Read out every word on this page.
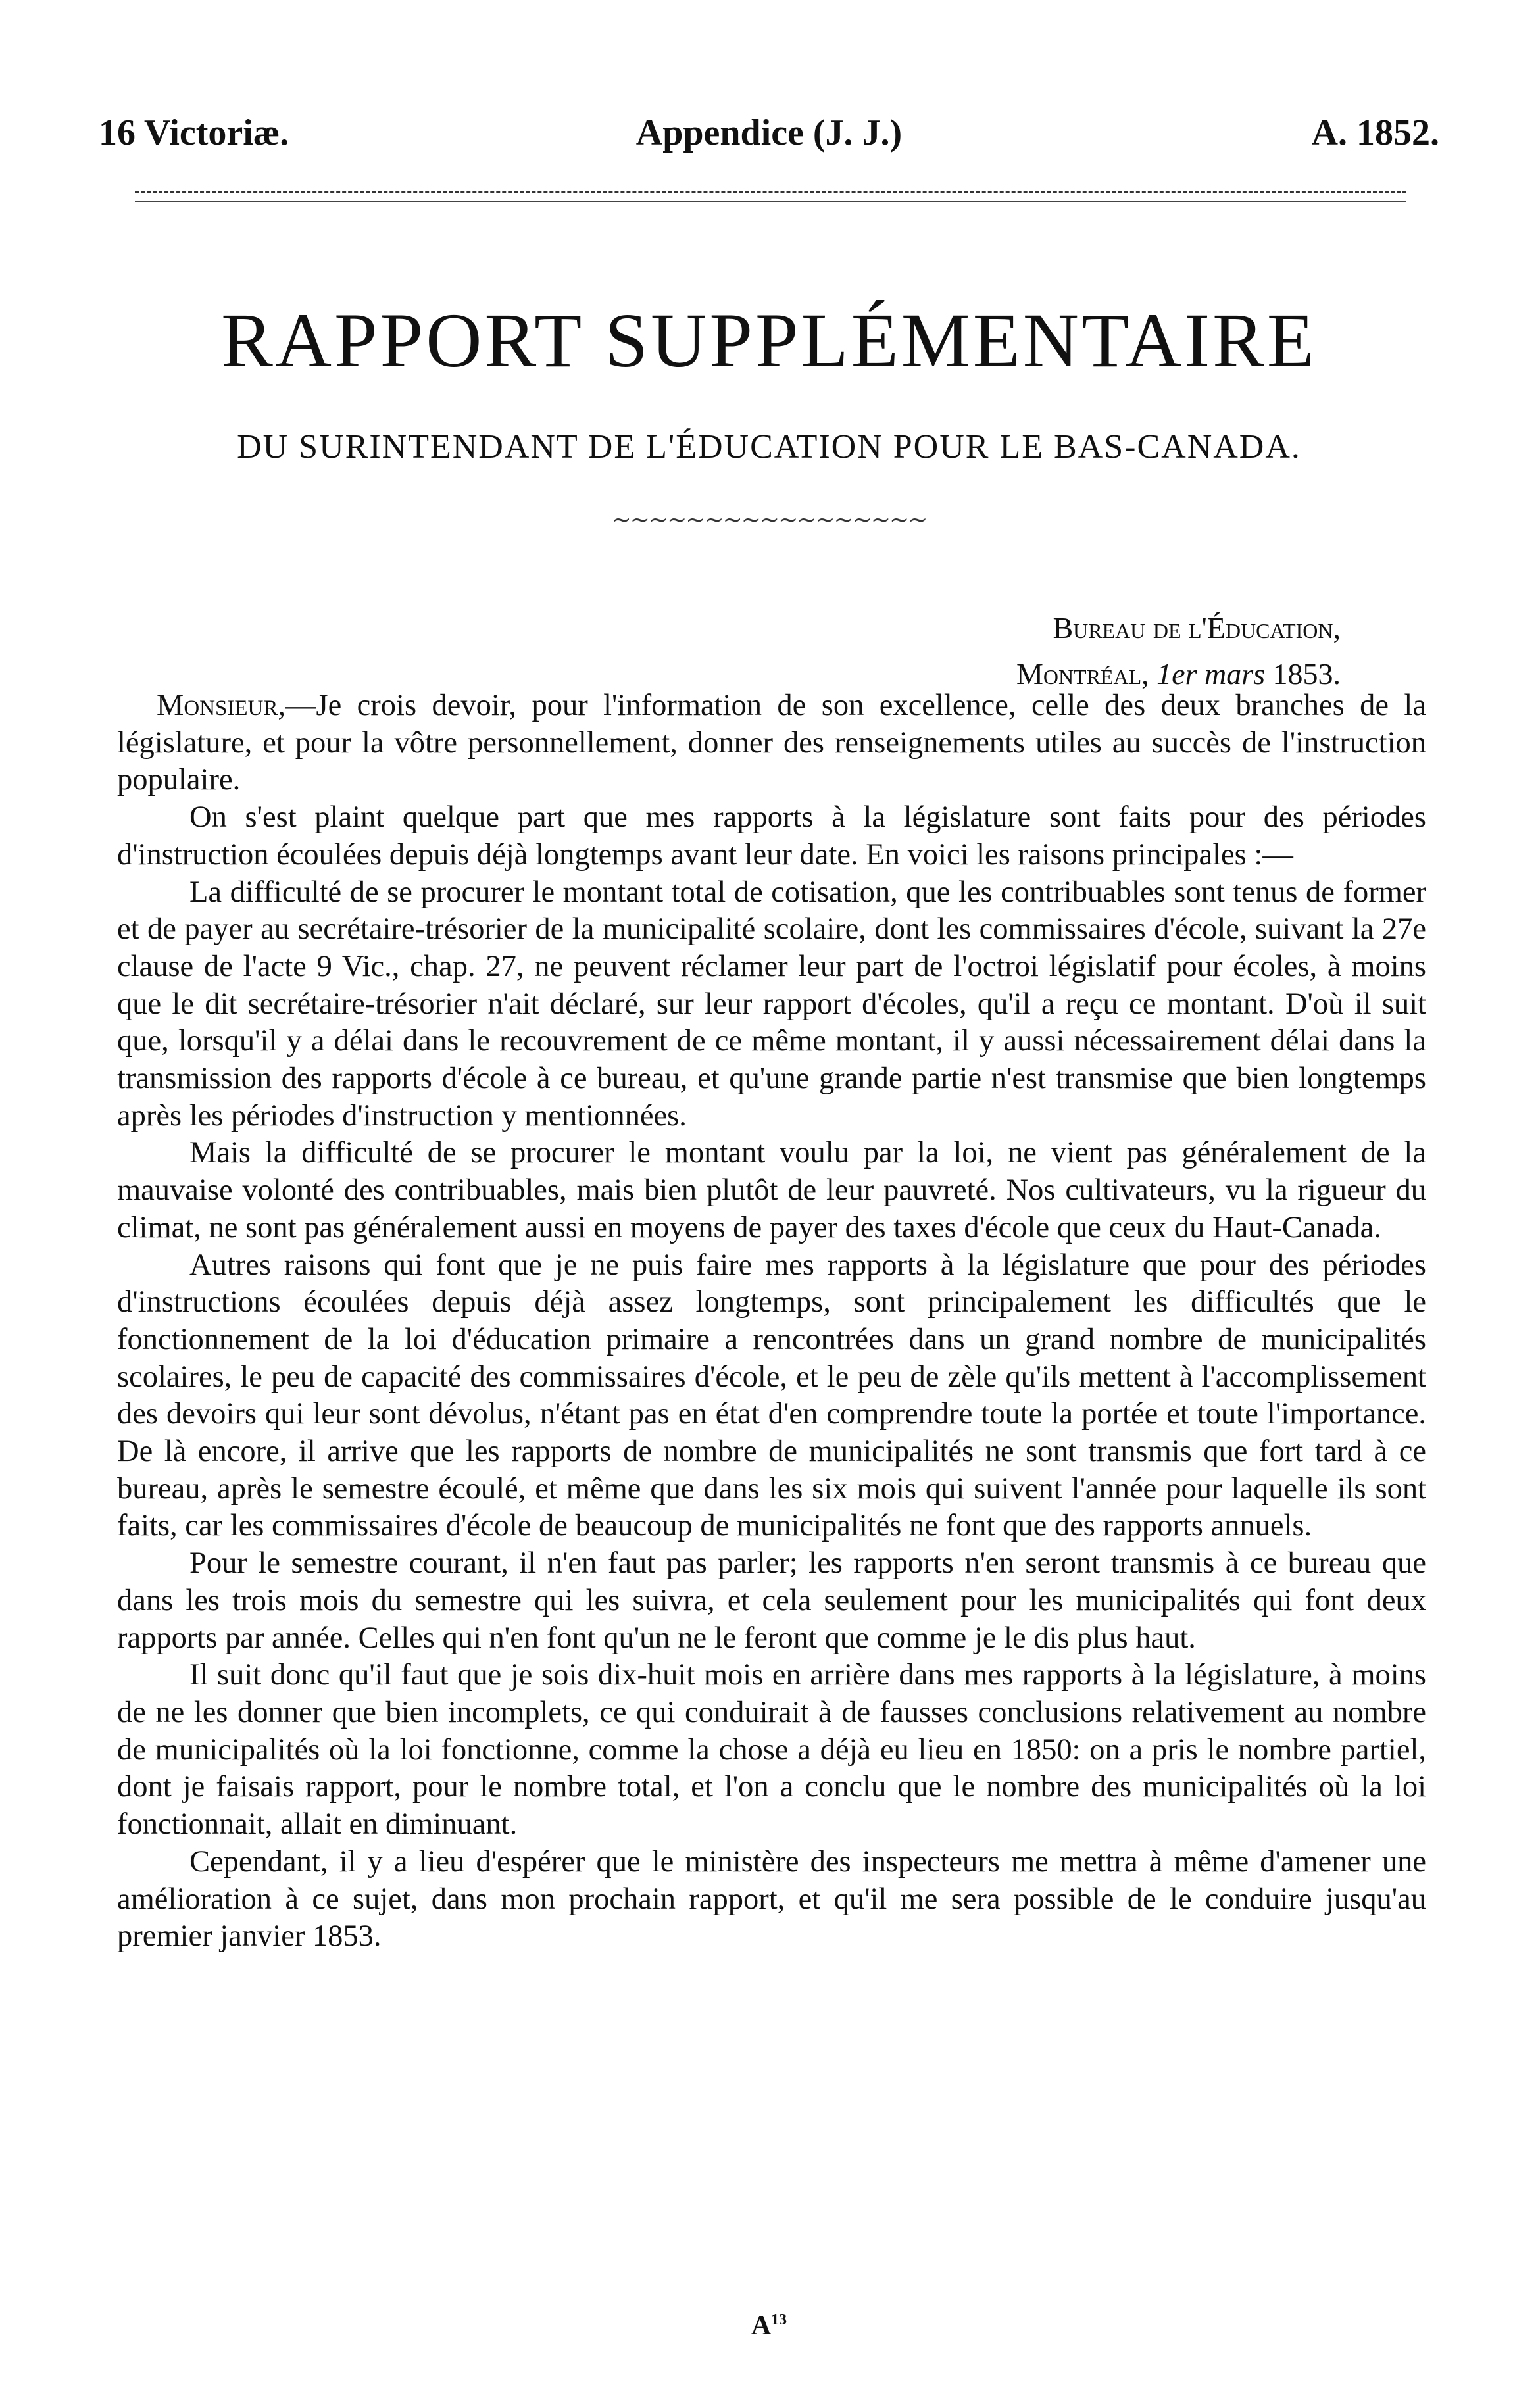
16 Victoriæ.	Appendice (J. J.)	A. 1852.
RAPPORT SUPPLÉMENTAIRE
DU SURINTENDANT DE L'ÉDUCATION POUR LE BAS-CANADA.
~~~~~~~~~~~~~~~~~
Bureau de l'Éducation,
Montréal, 1er mars 1853.

Monsieur,—Je crois devoir, pour l'information de son excellence, celle des deux branches de la législature, et pour la vôtre personnellement, donner des renseignements utiles au succès de l'instruction populaire.

On s'est plaint quelque part que mes rapports à la législature sont faits pour des périodes d'instruction écoulées depuis déjà longtemps avant leur date. En voici les raisons principales :—

La difficulté de se procurer le montant total de cotisation, que les contribuables sont tenus de former et de payer au secrétaire-trésorier de la municipalité scolaire, dont les commissaires d'école, suivant la 27e clause de l'acte 9 Vic., chap. 27, ne peuvent réclamer leur part de l'octroi législatif pour écoles, à moins que le dit secrétaire-trésorier n'ait déclaré, sur leur rapport d'écoles, qu'il a reçu ce montant. D'où il suit que, lorsqu'il y a délai dans le recouvrement de ce même montant, il y aussi nécessairement délai dans la transmission des rapports d'école à ce bureau, et qu'une grande partie n'est transmise que bien longtemps après les périodes d'instruction y mentionnées.

Mais la difficulté de se procurer le montant voulu par la loi, ne vient pas généralement de la mauvaise volonté des contribuables, mais bien plutôt de leur pauvreté. Nos cultivateurs, vu la rigueur du climat, ne sont pas généralement aussi en moyens de payer des taxes d'école que ceux du Haut-Canada.

Autres raisons qui font que je ne puis faire mes rapports à la législature que pour des périodes d'instructions écoulées depuis déjà assez longtemps, sont principalement les difficultés que le fonctionnement de la loi d'éducation primaire a rencontrées dans un grand nombre de municipalités scolaires, le peu de capacité des commissaires d'école, et le peu de zèle qu'ils mettent à l'accomplissement des devoirs qui leur sont dévolus, n'étant pas en état d'en comprendre toute la portée et toute l'importance. De là encore, il arrive que les rapports de nombre de municipalités ne sont transmis que fort tard à ce bureau, après le semestre écoulé, et même que dans les six mois qui suivent l'année pour laquelle ils sont faits, car les commissaires d'école de beaucoup de municipalités ne font que des rapports annuels.

Pour le semestre courant, il n'en faut pas parler; les rapports n'en seront transmis à ce bureau que dans les trois mois du semestre qui les suivra, et cela seulement pour les municipalités qui font deux rapports par année. Celles qui n'en font qu'un ne le feront que comme je le dis plus haut.

Il suit donc qu'il faut que je sois dix-huit mois en arrière dans mes rapports à la législature, à moins de ne les donner que bien incomplets, ce qui conduirait à de fausses conclusions relativement au nombre de municipalités où la loi fonctionne, comme la chose a déjà eu lieu en 1850: on a pris le nombre partiel, dont je faisais rapport, pour le nombre total, et l'on a conclu que le nombre des municipalités où la loi fonctionnait, allait en diminuant.

Cependant, il y a lieu d'espérer que le ministère des inspecteurs me mettra à même d'amener une amélioration à ce sujet, dans mon prochain rapport, et qu'il me sera possible de le conduire jusqu'au premier janvier 1853.

$A^{13}$
